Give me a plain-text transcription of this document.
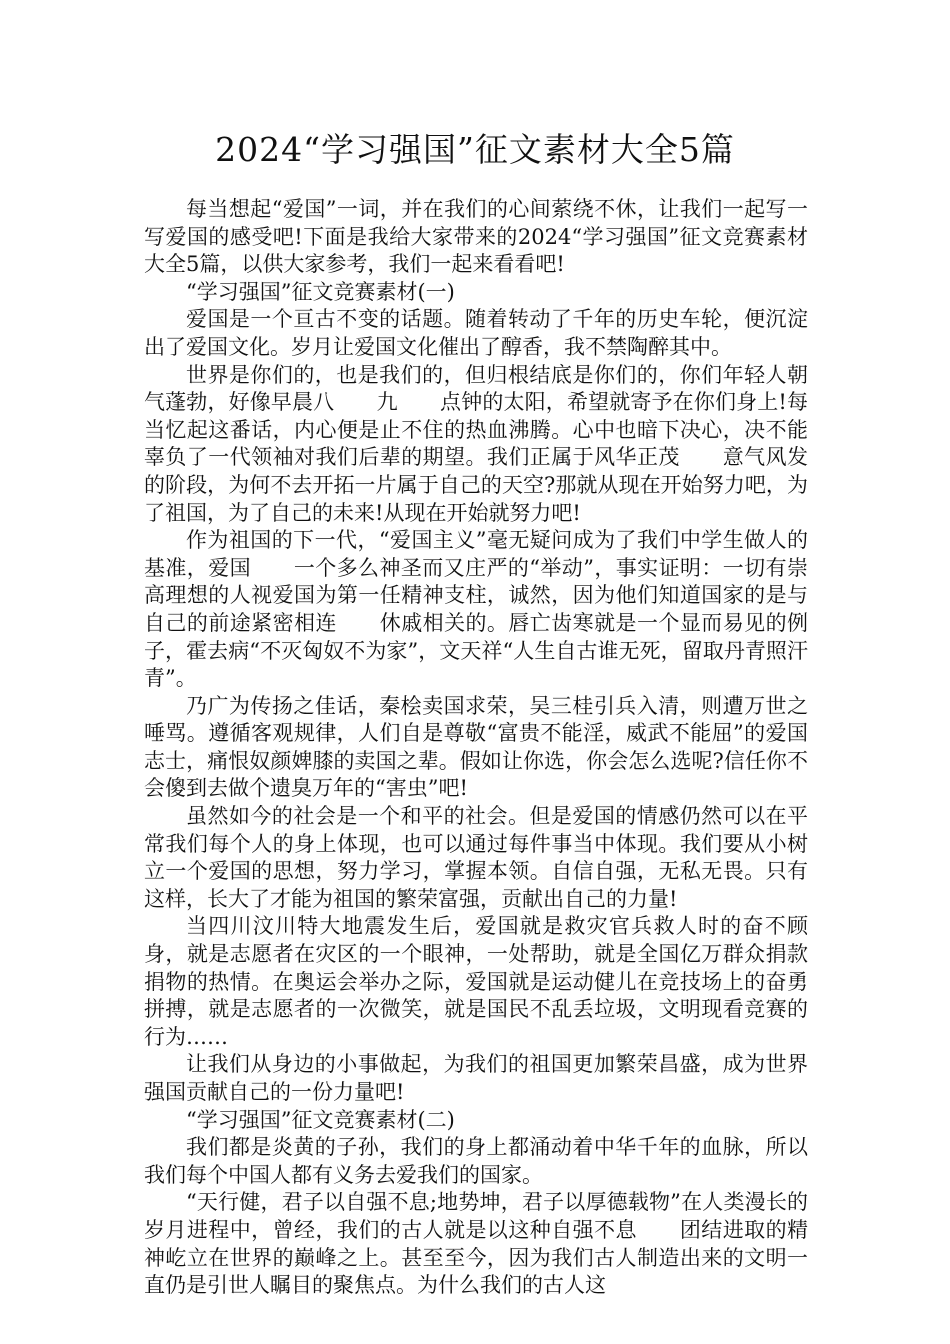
2024“学习强国”征文素材大全5篇

每当想起“爱国”一词，并在我们的心间萦绕不休，让我们一起写一写爱国的感受吧!下面是我给大家带来的2024“学习强国”征文竞赛素材大全5篇，以供大家参考，我们一起来看看吧!

“学习强国”征文竞赛素材(一)

爱国是一个亘古不变的话题。随着转动了千年的历史车轮，便沉淀出了爱国文化。岁月让爱国文化催出了醇香，我不禁陶醉其中。

世界是你们的，也是我们的，但归根结底是你们的，你们年轻人朝气蓬勃，好像早晨八　　九　　点钟的太阳，希望就寄予在你们身上!每当忆起这番话，内心便是止不住的热血沸腾。心中也暗下决心，决不能辜负了一代领袖对我们后辈的期望。我们正属于风华正茂　　意气风发的阶段，为何不去开拓一片属于自己的天空?那就从现在开始努力吧，为了祖国，为了自己的未来!从现在开始就努力吧!

作为祖国的下一代，“爱国主义”毫无疑问成为了我们中学生做人的基准，爱国　　一个多么神圣而又庄严的“举动”，事实证明：一切有崇高理想的人视爱国为第一任精神支柱，诚然，因为他们知道国家的是与自己的前途紧密相连　　休戚相关的。唇亡齿寒就是一个显而易见的例子，霍去病“不灭匈奴不为家”，文天祥“人生自古谁无死，留取丹青照汗青”。

乃广为传扬之佳话，秦桧卖国求荣，吴三桂引兵入清，则遭万世之唾骂。遵循客观规律，人们自是尊敬“富贵不能淫，威武不能屈”的爱国志士，痛恨奴颜婢膝的卖国之辈。假如让你选，你会怎么选呢?信任你不会傻到去做个遗臭万年的“害虫”吧!

虽然如今的社会是一个和平的社会。但是爱国的情感仍然可以在平常我们每个人的身上体现，也可以通过每件事当中体现。我们要从小树立一个爱国的思想，努力学习，掌握本领。自信自强，无私无畏。只有这样，长大了才能为祖国的繁荣富强，贡献出自己的力量!

当四川汶川特大地震发生后，爱国就是救灾官兵救人时的奋不顾身，就是志愿者在灾区的一个眼神，一处帮助，就是全国亿万群众捐款捐物的热情。在奥运会举办之际，爱国就是运动健儿在竞技场上的奋勇拼搏，就是志愿者的一次微笑，就是国民不乱丢垃圾，文明现看竞赛的行为……

让我们从身边的小事做起，为我们的祖国更加繁荣昌盛，成为世界强国贡献自己的一份力量吧!

“学习强国”征文竞赛素材(二)

我们都是炎黄的子孙，我们的身上都涌动着中华千年的血脉，所以我们每个中国人都有义务去爱我们的国家。

“天行健，君子以自强不息;地势坤，君子以厚德载物”在人类漫长的岁月进程中，曾经，我们的古人就是以这种自强不息　　团结进取的精神屹立在世界的巅峰之上。甚至至今，因为我们古人制造出来的文明一直仍是引世人瞩目的聚焦点。为什么我们的古人这
